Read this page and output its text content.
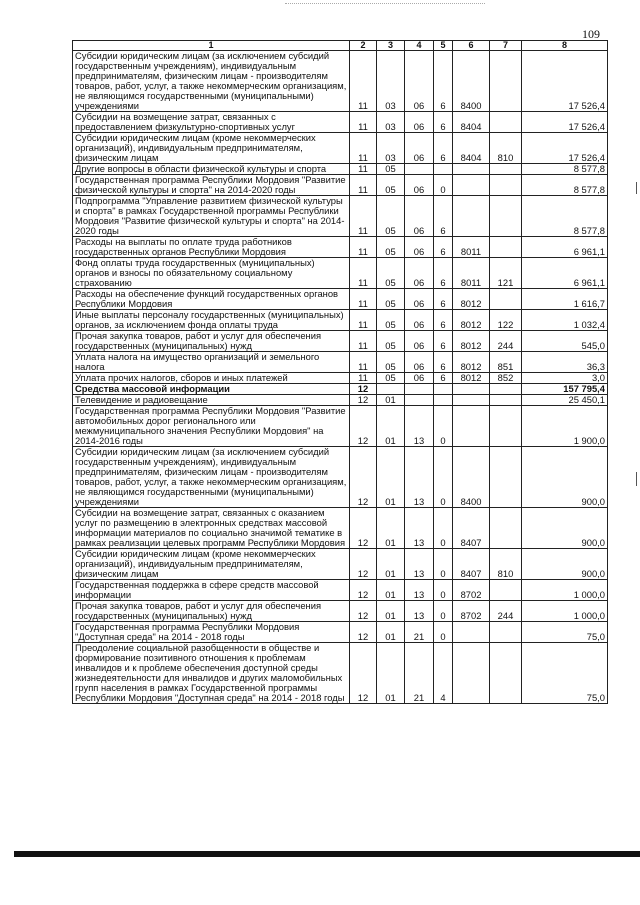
109
1	2	3	4	5	6	7	8
Субсидии юридическим лицам (за исключением субсидий государственным учреждениям), индивидуальным предпринимателям, физическим лицам - производителям товаров, работ, услуг, а также некоммерческим организациям, не являющимся государственными (муниципальными) учреждениями	11	03	06	6	8400		17 526,4
Субсидии на возмещение затрат, связанных с предоставлением физкультурно-спортивных услуг	11	03	06	6	8404		17 526,4
Субсидии юридическим лицам (кроме некоммерческих организаций), индивидуальным предпринимателям, физическим лицам	11	03	06	6	8404	810	17 526,4
Другие вопросы в области физической культуры и спорта	11	05					8 577,8
Государственная программа Республики Мордовия "Развитие физической культуры и спорта" на 2014-2020 годы	11	05	06	0			8 577,8
Подпрограмма "Управление развитием физической культуры и спорта" в рамках Государственной программы Республики Мордовия "Развитие физической культуры и спорта" на 2014-2020 годы	11	05	06	6			8 577,8
Расходы на выплаты по оплате труда работников государственных органов Республики Мордовия	11	05	06	6	8011		6 961,1
Фонд оплаты труда государственных (муниципальных) органов и взносы по обязательному социальному страхованию	11	05	06	6	8011	121	6 961,1
Расходы на обеспечение функций государственных органов Республики Мордовия	11	05	06	6	8012		1 616,7
Иные выплаты персоналу государственных (муниципальных) органов, за исключением фонда оплаты труда	11	05	06	6	8012	122	1 032,4
Прочая закупка товаров, работ и услуг для обеспечения государственных (муниципальных) нужд	11	05	06	6	8012	244	545,0
Уплата налога на имущество организаций и земельного налога	11	05	06	6	8012	851	36,3
Уплата прочих налогов, сборов и иных платежей	11	05	06	6	8012	852	3,0
Средства массовой информации	12						157 795,4
Телевидение и радиовещание	12	01					25 450,1
Государственная программа Республики Мордовия "Развитие автомобильных дорог регионального или межмуниципального значения Республики Мордовия" на 2014-2016 годы	12	01	13	0			1 900,0
Субсидии юридическим лицам (за исключением субсидий государственным учреждениям), индивидуальным предпринимателям, физическим лицам - производителям товаров, работ, услуг, а также некоммерческим организациям, не являющимся государственными (муниципальными) учреждениями	12	01	13	0	8400		900,0
Субсидии на возмещение затрат, связанных с оказанием услуг по размещению в электронных средствах массовой информации материалов по социально значимой тематике в рамках реализации целевых программ Республики Мордовия	12	01	13	0	8407		900,0
Субсидии юридическим лицам (кроме некоммерческих организаций), индивидуальным предпринимателям, физическим лицам	12	01	13	0	8407	810	900,0
Государственная поддержка в сфере средств массовой информации	12	01	13	0	8702		1 000,0
Прочая закупка товаров, работ и услуг для обеспечения государственных (муниципальных) нужд	12	01	13	0	8702	244	1 000,0
Государственная программа Республики Мордовия "Доступная среда" на 2014 - 2018 годы	12	01	21	0			75,0
Преодоление социальной разобщенности в обществе и формирование позитивного отношения к проблемам инвалидов и к проблеме обеспечения доступной среды жизнедеятельности для инвалидов и других маломобильных групп населения в рамках Государственной программы Республики Мордовия "Доступная среда" на 2014 - 2018 годы	12	01	21	4			75,0
